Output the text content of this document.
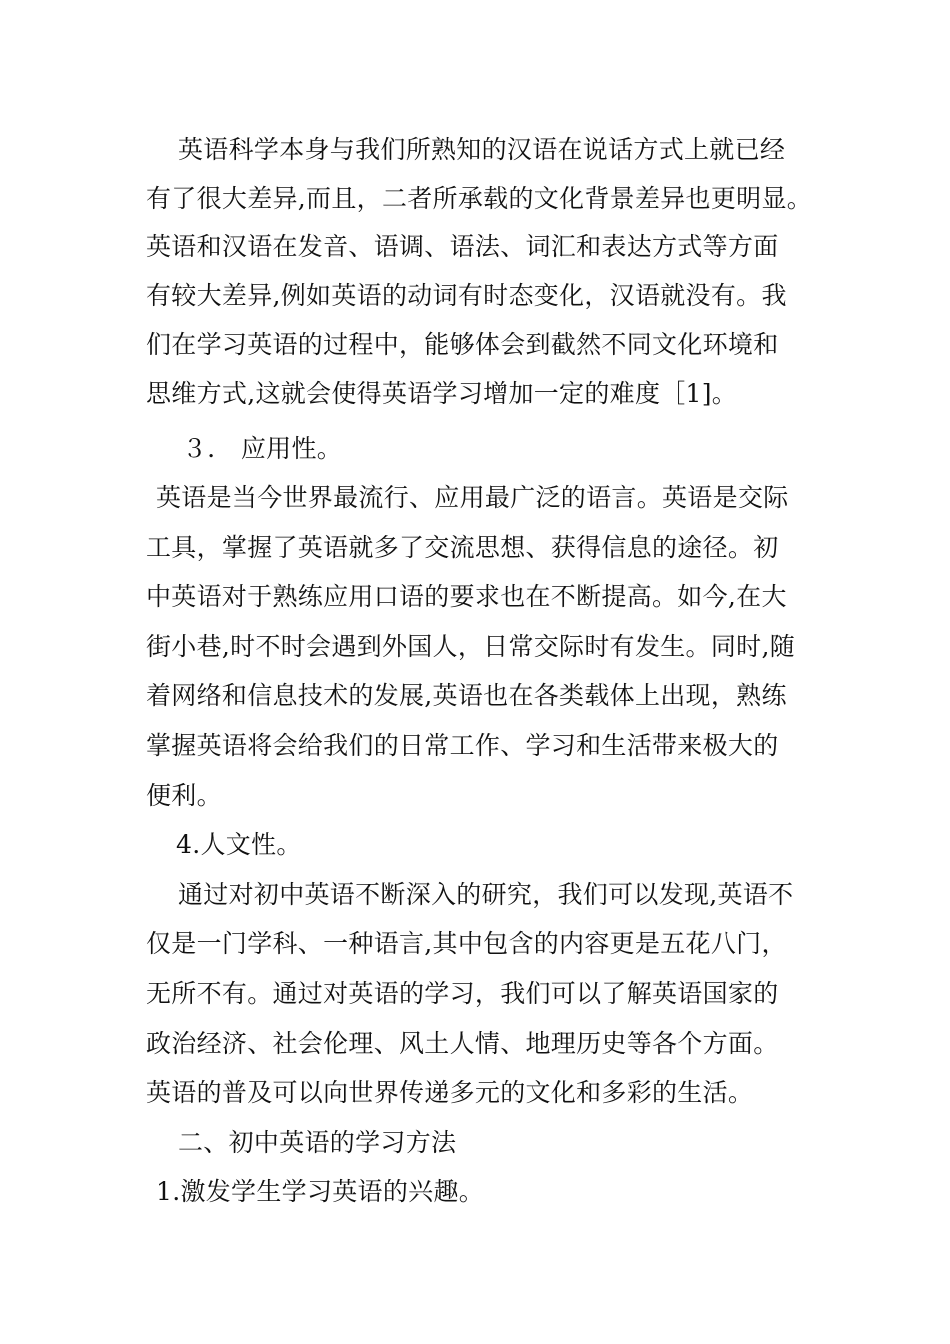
英语科学本身与我们所熟知的汉语在说话方式上就已经
有了很大差异,而且，二者所承载的文化背景差异也更明显。
英语和汉语在发音、语调、语法、词汇和表达方式等方面
有较大差异,例如英语的动词有时态变化，汉语就没有。我
们在学习英语的过程中，能够体会到截然不同文化环境和
思维方式,这就会使得英语学习增加一定的难度［1]。
３． 应用性。
英语是当今世界最流行、应用最广泛的语言。英语是交际
工具，掌握了英语就多了交流思想、获得信息的途径。初
中英语对于熟练应用口语的要求也在不断提高。如今,在大
街小巷,时不时会遇到外国人，日常交际时有发生。同时,随
着网络和信息技术的发展,英语也在各类载体上出现，熟练
掌握英语将会给我们的日常工作、学习和生活带来极大的
便利。
4.人文性。
通过对初中英语不断深入的研究，我们可以发现,英语不
仅是一门学科、一种语言,其中包含的内容更是五花八门，
无所不有。通过对英语的学习，我们可以了解英语国家的
政治经济、社会伦理、风土人情、地理历史等各个方面。
英语的普及可以向世界传递多元的文化和多彩的生活。
二、初中英语的学习方法
1.激发学生学习英语的兴趣。
